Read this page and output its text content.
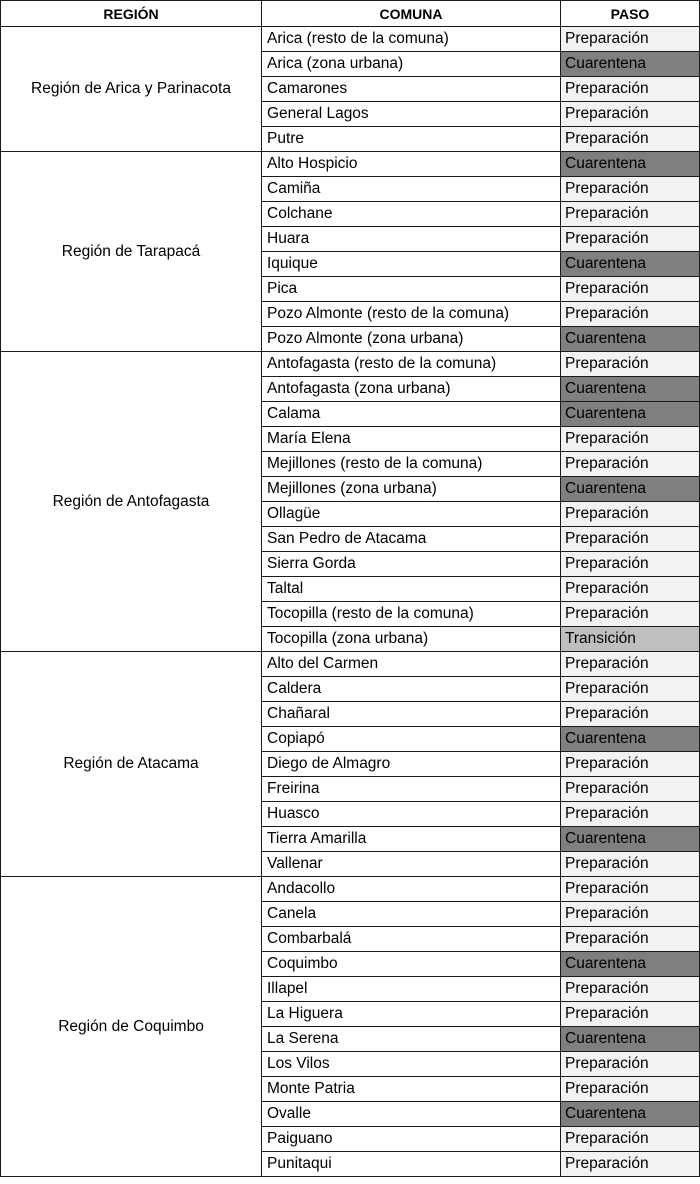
REGIÓN	COMUNA	PASO
Región de Arica y Parinacota	Arica (resto de la comuna)	Preparación
	Arica (zona urbana)	Cuarentena
	Camarones	Preparación
	General Lagos	Preparación
	Putre	Preparación
Región de Tarapacá	Alto Hospicio	Cuarentena
	Camiña	Preparación
	Colchane	Preparación
	Huara	Preparación
	Iquique	Cuarentena
	Pica	Preparación
	Pozo Almonte (resto de la comuna)	Preparación
	Pozo Almonte (zona urbana)	Cuarentena
Región de Antofagasta	Antofagasta (resto de la comuna)	Preparación
	Antofagasta (zona urbana)	Cuarentena
	Calama	Cuarentena
	María Elena	Preparación
	Mejillones (resto de la comuna)	Preparación
	Mejillones (zona urbana)	Cuarentena
	Ollagüe	Preparación
	San Pedro de Atacama	Preparación
	Sierra Gorda	Preparación
	Taltal	Preparación
	Tocopilla (resto de la comuna)	Preparación
	Tocopilla (zona urbana)	Transición
Región de Atacama	Alto del Carmen	Preparación
	Caldera	Preparación
	Chañaral	Preparación
	Copiapó	Cuarentena
	Diego de Almagro	Preparación
	Freirina	Preparación
	Huasco	Preparación
	Tierra Amarilla	Cuarentena
	Vallenar	Preparación
Región de Coquimbo	Andacollo	Preparación
	Canela	Preparación
	Combarbalá	Preparación
	Coquimbo	Cuarentena
	Illapel	Preparación
	La Higuera	Preparación
	La Serena	Cuarentena
	Los Vilos	Preparación
	Monte Patria	Preparación
	Ovalle	Cuarentena
	Paiguano	Preparación
	Punitaqui	Preparación
